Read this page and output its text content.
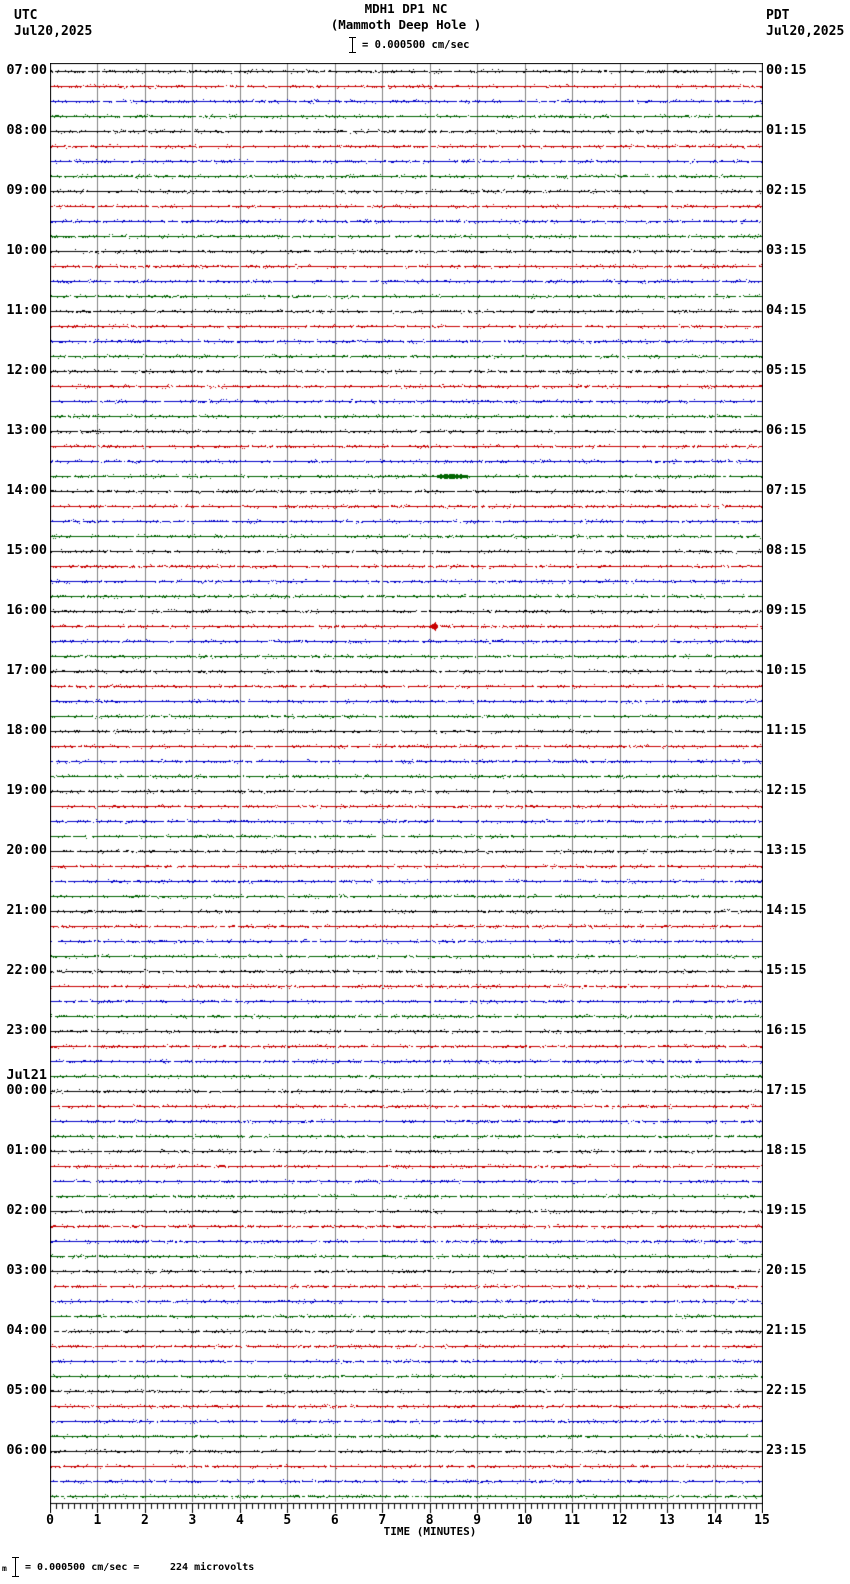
MDH1 DP1 NC
(Mammoth Deep Hole )
UTC
Jul20,2025
PDT
Jul20,2025
= 0.000500 cm/sec
07:00
08:00
09:00
10:00
11:00
12:00
13:00
14:00
15:00
16:00
17:00
18:00
19:00
20:00
21:00
22:00
23:00
Jul21
00:00
01:00
02:00
03:00
04:00
05:00
06:00
00:15
01:15
02:15
03:15
04:15
05:15
06:15
07:15
08:15
09:15
10:15
11:15
12:15
13:15
14:15
15:15
16:15
17:15
18:15
19:15
20:15
21:15
22:15
23:15
0	1	2	3	4	5	6	7	8	9	10 11 12 13 14 15
TIME (MINUTES)
m = 0.000500 cm/sec =	224 microvolts
